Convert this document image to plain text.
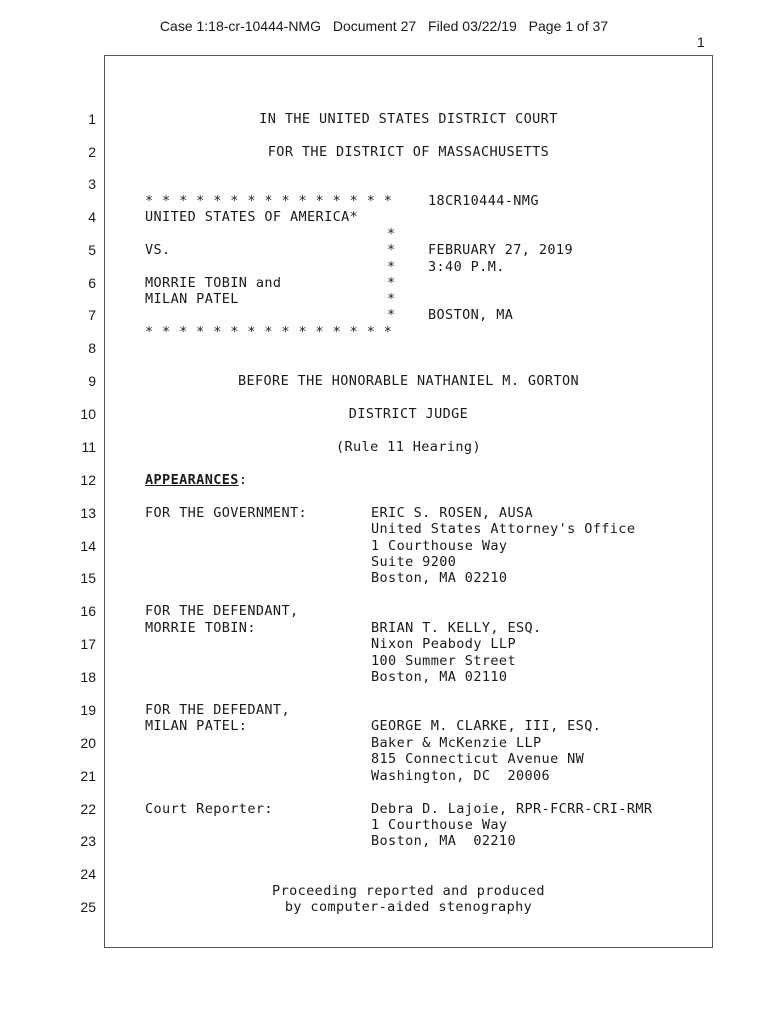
Case 1:18-cr-10444-NMG Document 27 Filed 03/22/19 Page 1 of 37
1
1
2
3
4
5
6
7
8
9
10
11
12
13
14
15
16
17
18
19
20
21
22
23
24
25
IN THE UNITED STATES DISTRICT COURT
FOR THE DISTRICT OF MASSACHUSETTS
* * * * * * * * * * * * * * *	18CR10444-NMG
UNITED STATES OF AMERICA*
*
VS.	* FEBRUARY 27, 2019
* 3:40 P.M.
MORRIE TOBIN and	*
MILAN PATEL	*
* BOSTON, MA
* * * * * * * * * * * * * * *
BEFORE THE HONORABLE NATHANIEL M. GORTON
DISTRICT JUDGE
(Rule 11 Hearing)
APPEARANCES:
FOR THE GOVERNMENT:	ERIC S. ROSEN, AUSA
United States Attorney's Office
1 Courthouse Way
Suite 9200
Boston, MA 02210
FOR THE DEFENDANT,
MORRIE TOBIN:	BRIAN T. KELLY, ESQ.
Nixon Peabody LLP
100 Summer Street
Boston, MA 02110
FOR THE DEFEDANT,
MILAN PATEL:	GEORGE M. CLARKE, III, ESQ.
Baker & McKenzie LLP
815 Connecticut Avenue NW
Washington, DC  20006
Court Reporter:	Debra D. Lajoie, RPR-FCRR-CRI-RMR
1 Courthouse Way
Boston, MA  02210
Proceeding reported and produced
by computer-aided stenography
